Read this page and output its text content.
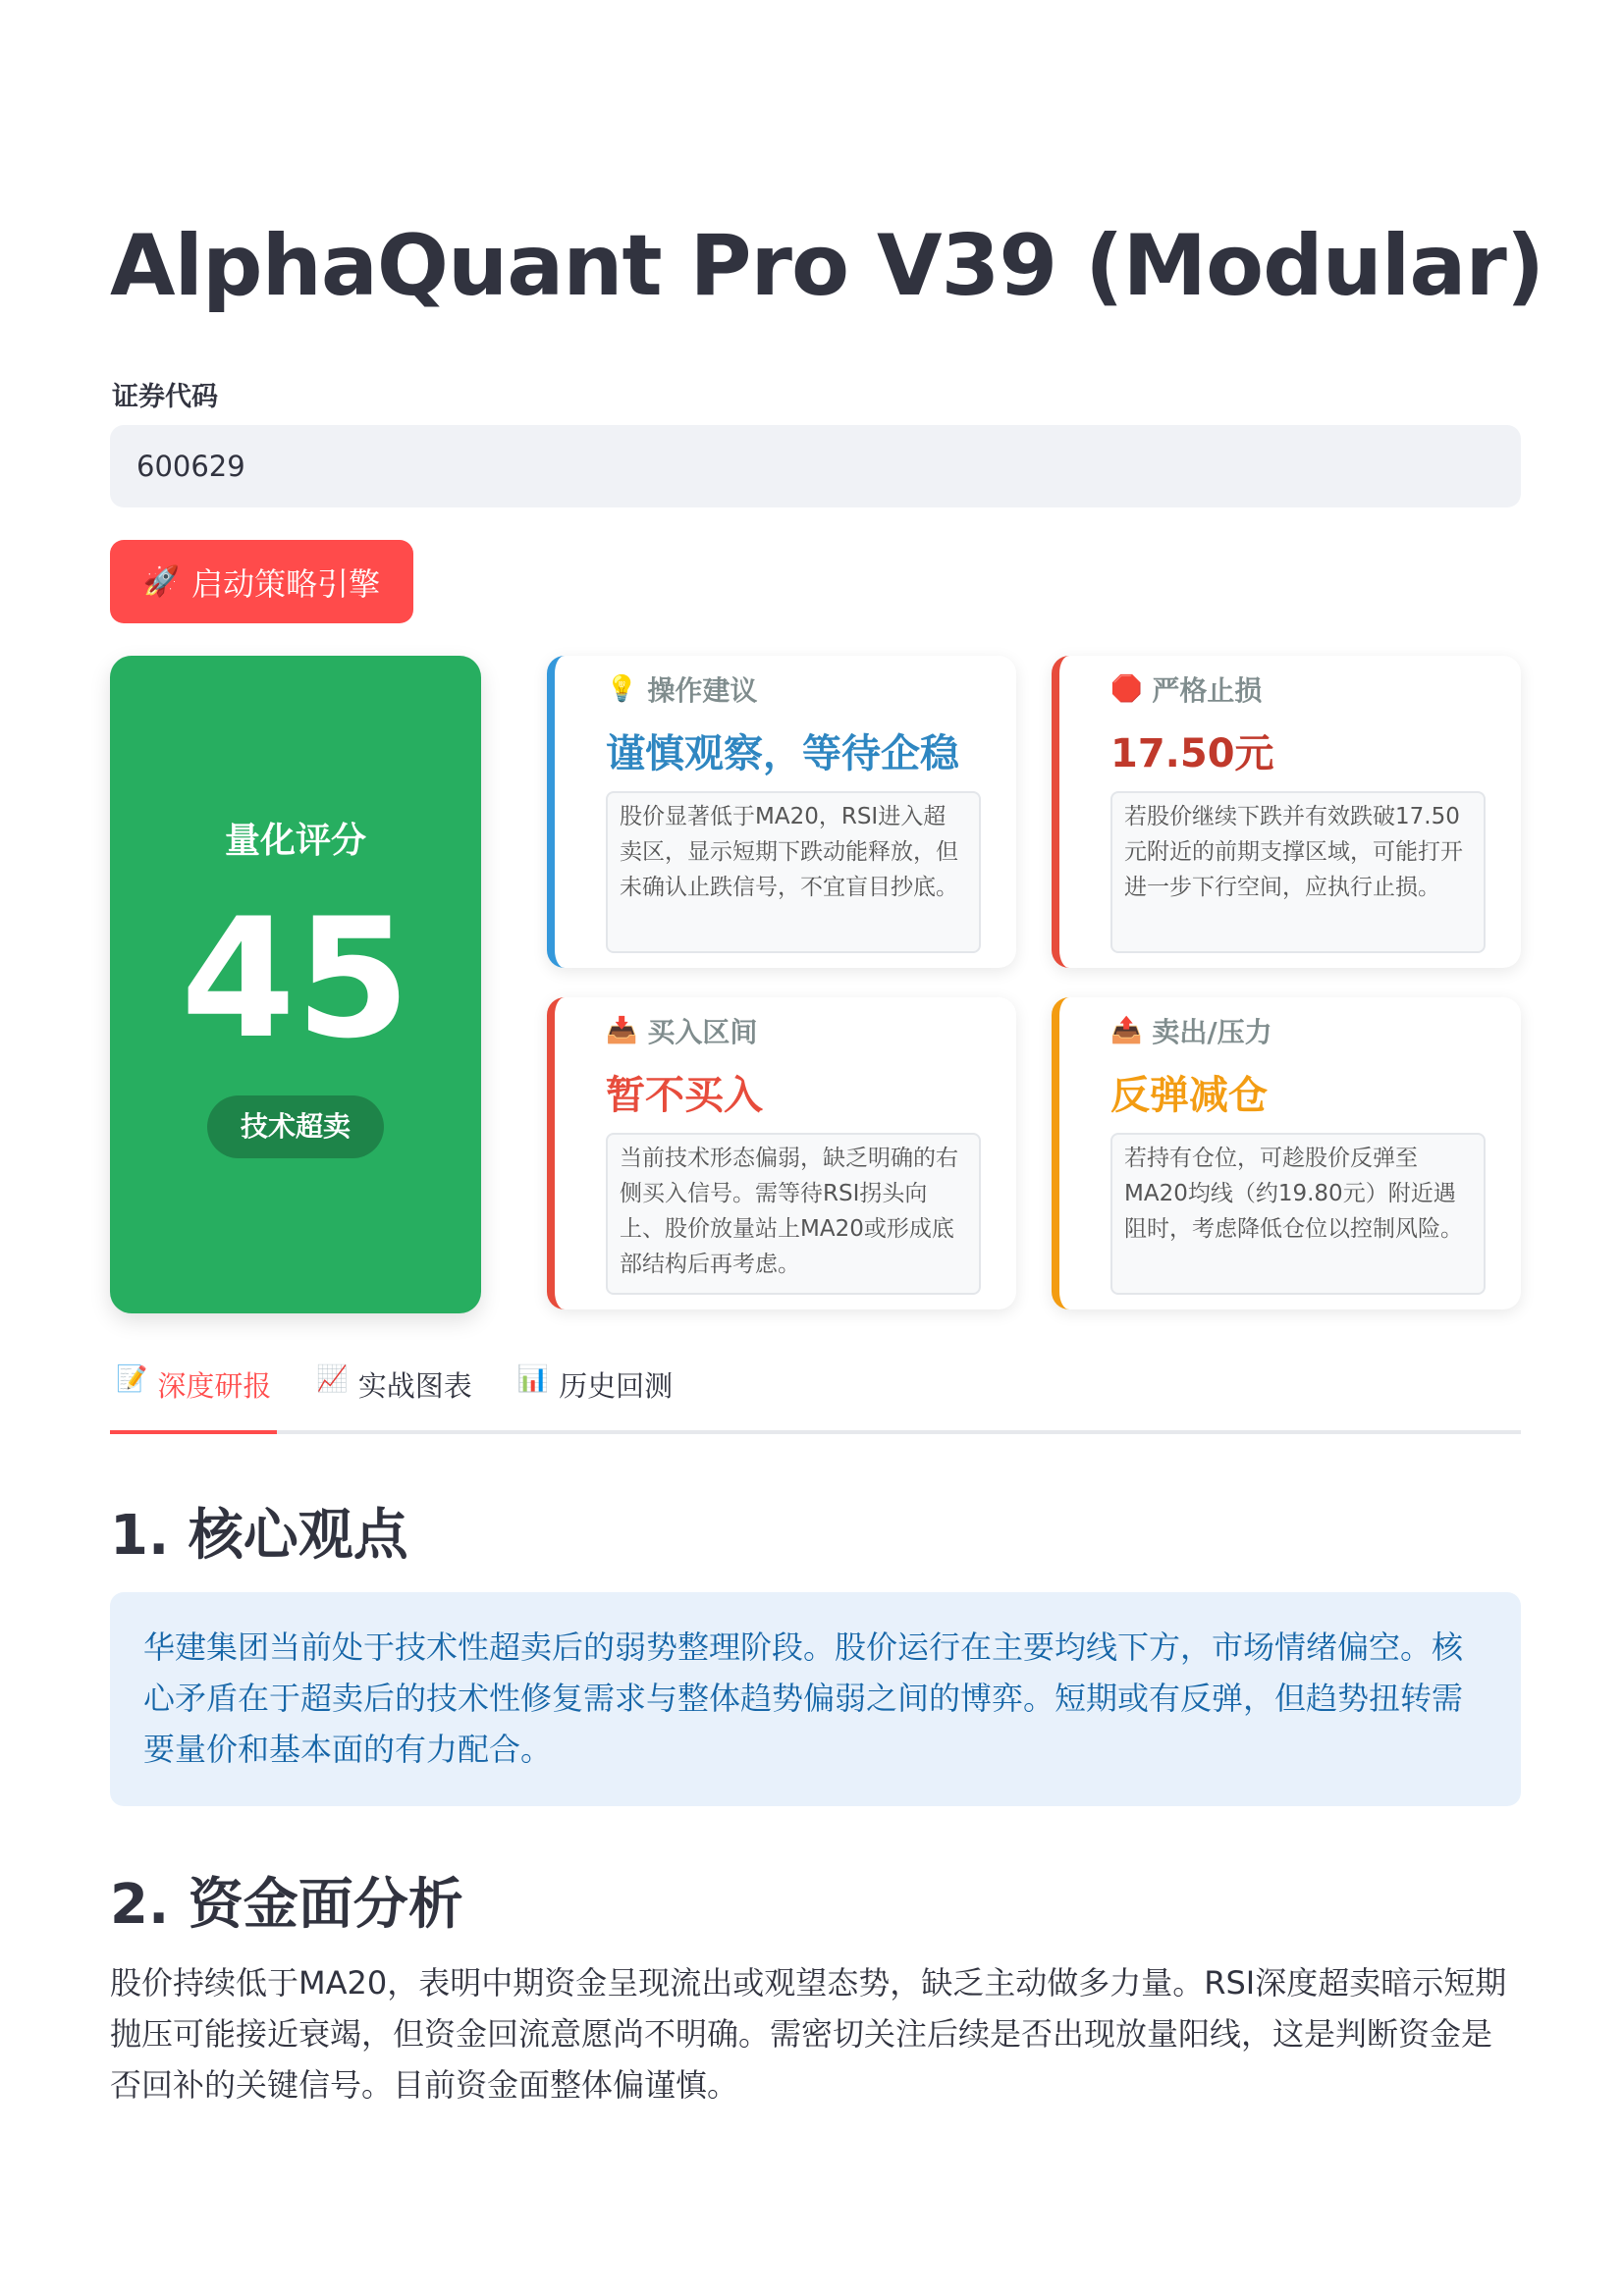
AlphaQuant Pro V39 (Modular)
证券代码
600629
🚀 启动策略引擎
量化评分
45
技术超卖
💡 操作建议
谨慎观察，等待企稳
股价显著低于MA20，RSI进入超卖区，显示短期下跌动能释放，但未确认止跌信号，不宜盲目抄底。
🛑 严格止损
17.50元
若股价继续下跌并有效跌破17.50元附近的前期支撑区域，可能打开进一步下行空间，应执行止损。
📥 买入区间
暂不买入
当前技术形态偏弱，缺乏明确的右侧买入信号。需等待RSI拐头向上、股价放量站上MA20或形成底部结构后再考虑。
📤 卖出/压力
反弹减仓
若持有仓位，可趁股价反弹至MA20均线（约19.80元）附近遇阻时，考虑降低仓位以控制风险。
📝 深度研报 📈 实战图表 📊 历史回测
1. 核心观点
华建集团当前处于技术性超卖后的弱势整理阶段。股价运行在主要均线下方，市场情绪偏空。核心矛盾在于超卖后的技术性修复需求与整体趋势偏弱之间的博弈。短期或有反弹，但趋势扭转需要量价和基本面的有力配合。
2. 资金面分析

股价持续低于MA20，表明中期资金呈现流出或观望态势，缺乏主动做多力量。RSI深度超卖暗示短期抛压可能接近衰竭，但资金回流意愿尚不明确。需密切关注后续是否出现放量阳线，这是判断资金是否回补的关键信号。目前资金面整体偏谨慎。
